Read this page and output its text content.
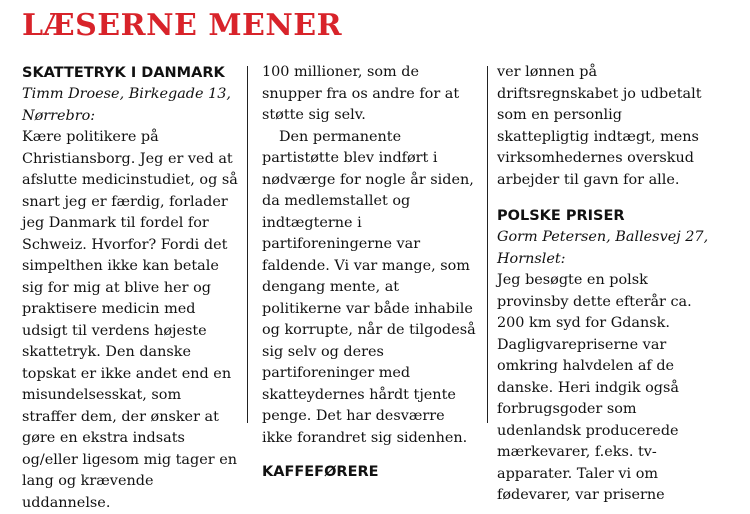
LÆSERNE MENER
SKATTETRYK I DANMARK

Timm Droese, Birkegade 13, Nørrebro:

Kære politikere på Christiansborg. Jeg er ved at afslutte medicinstudiet, og så snart jeg er færdig, forlader jeg Danmark til fordel for Schweiz. Hvorfor? Fordi det simpelthen ikke kan betale sig for mig at blive her og praktisere medicin med udsigt til verdens højeste skattetryk. Den danske topskat er ikke andet end en misundelsesskat, som straffer dem, der ønsker at gøre en ekstra indsats og/eller ligesom mig tager en lang og krævende uddannelse.

100 millioner, som de snupper fra os andre for at støtte sig selv.

Den permanente partistøtte blev indført i nødværge for nogle år siden, da medlemstallet og indtægterne i partiforeningerne var faldende. Vi var mange, som dengang mente, at politikerne var både inhabile og korrupte, når de tilgodeså sig selv og deres partiforeninger med skatteydernes hårdt tjente penge. Det har desværre ikke forandret sig sidenhen.

KAFFEFØRERE

ver lønnen på driftsregnskabet jo udbetalt som en personlig skattepligtig indtægt, mens virksomhedernes overskud arbejder til gavn for alle.

POLSKE PRISER

Gorm Petersen, Ballesvej 27, Hornslet:

Jeg besøgte en polsk provinsby dette efterår ca. 200 km syd for Gdansk. Dagligvarepriserne var omkring halvdelen af de danske. Heri indgik også forbrugsgoder som udenlandsk producerede mærkevarer, f.eks. tv-apparater. Taler vi om fødevarer, var priserne
